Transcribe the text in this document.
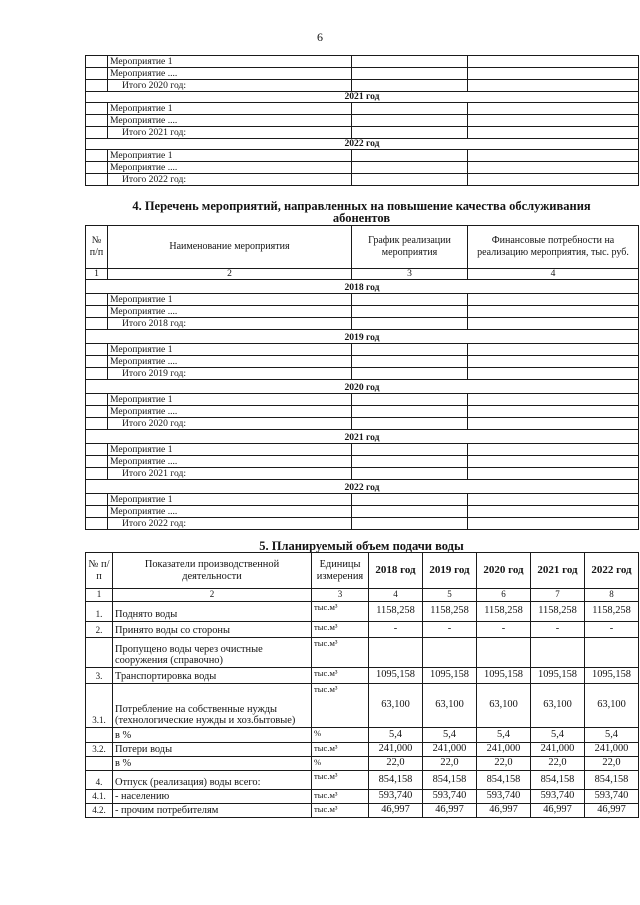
6
	Мероприятие 1		
	Мероприятие ....		
	Итого 2020 год:		
2021 год			
	Мероприятие 1		
	Мероприятие ....		
	Итого 2021 год:		
2022 год			
	Мероприятие 1		
	Мероприятие ....		
	Итого 2022 год:		
4. Перечень мероприятий, направленных на повышение качества обслуживания
абонентов
№ п/п	Наименование мероприятия	График реализации мероприятия	Финансовые потребности на реализацию мероприятия, тыс. руб.
1	2	3	4
2018 год			
	Мероприятие 1		
	Мероприятие ....		
	Итого 2018 год:		
2019 год			
	Мероприятие 1		
	Мероприятие ....		
	Итого 2019 год:		
2020 год			
	Мероприятие 1		
	Мероприятие ....		
	Итого 2020 год:		
2021 год			
	Мероприятие 1		
	Мероприятие ....		
	Итого 2021 год:		
2022 год			
	Мероприятие 1		
	Мероприятие ....		
	Итого 2022 год:		
5. Планируемый объем подачи воды
№ п/п	Показатели производственной деятельности	Единицы измерения	2018 год	2019 год	2020 год	2021 год	2022 год
1	2	3	4	5	6	7	8
1.	Поднято воды	тыс.м³	1158,258	1158,258	1158,258	1158,258	1158,258
2.	Принято воды со стороны	тыс.м³	-	-	-	-	-
	Пропущено воды через очистные сооружения (справочно)	тыс.м³					
3.	Транспортировка воды	тыс.м³	1095,158	1095,158	1095,158	1095,158	1095,158
3.1.	Потребление на собственные нужды (технологические нужды и хоз.бытовые)	тыс.м³	63,100	63,100	63,100	63,100	63,100
	в %	%	5,4	5,4	5,4	5,4	5,4
3.2.	Потери воды	тыс.м³	241,000	241,000	241,000	241,000	241,000
	в %	%	22,0	22,0	22,0	22,0	22,0
4.	Отпуск (реализация) воды всего:	тыс.м³	854,158	854,158	854,158	854,158	854,158
4.1.	- населению	тыс.м³	593,740	593,740	593,740	593,740	593,740
4.2.	- прочим потребителям	тыс.м³	46,997	46,997	46,997	46,997	46,997
